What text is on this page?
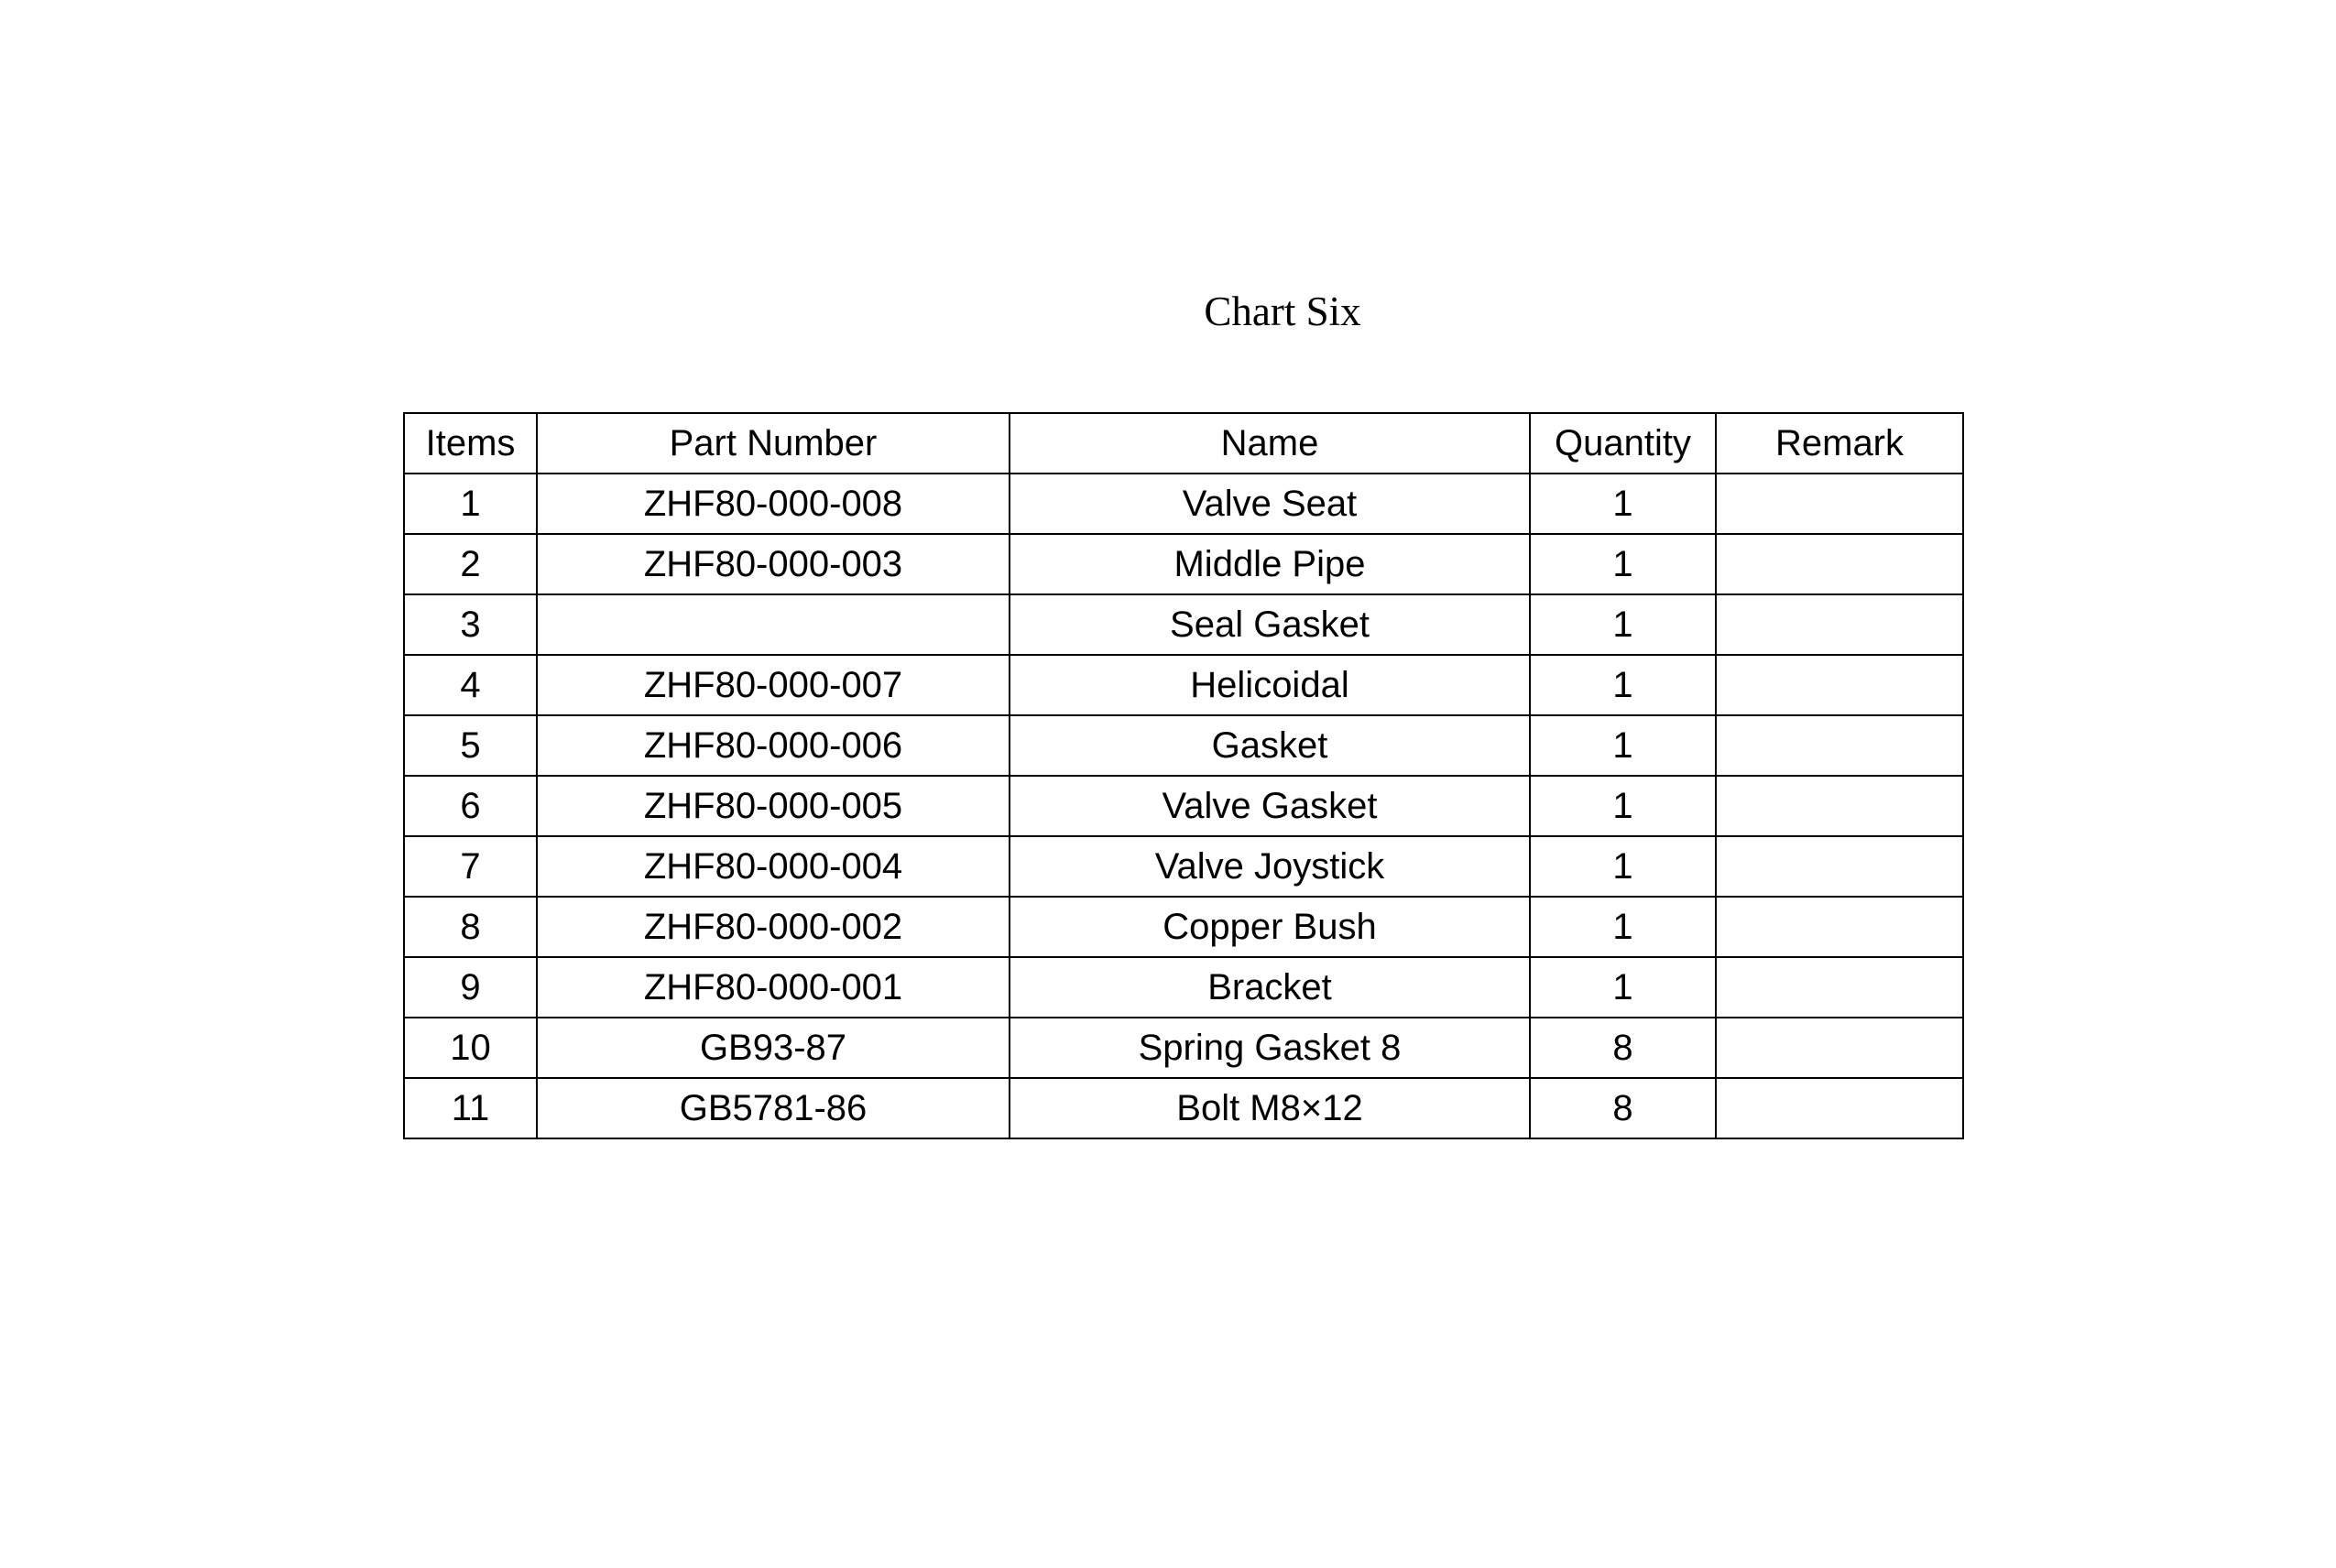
Chart Six
Items	Part Number	Name	Quantity	Remark
1	ZHF80-000-008	Valve Seat	1	
2	ZHF80-000-003	Middle Pipe	1	
3		Seal Gasket	1	
4	ZHF80-000-007	Helicoidal	1	
5	ZHF80-000-006	Gasket	1	
6	ZHF80-000-005	Valve Gasket	1	
7	ZHF80-000-004	Valve Joystick	1	
8	ZHF80-000-002	Copper Bush	1	
9	ZHF80-000-001	Bracket	1	
10	GB93-87	Spring Gasket 8	8	
11	GB5781-86	Bolt M8×12	8	
